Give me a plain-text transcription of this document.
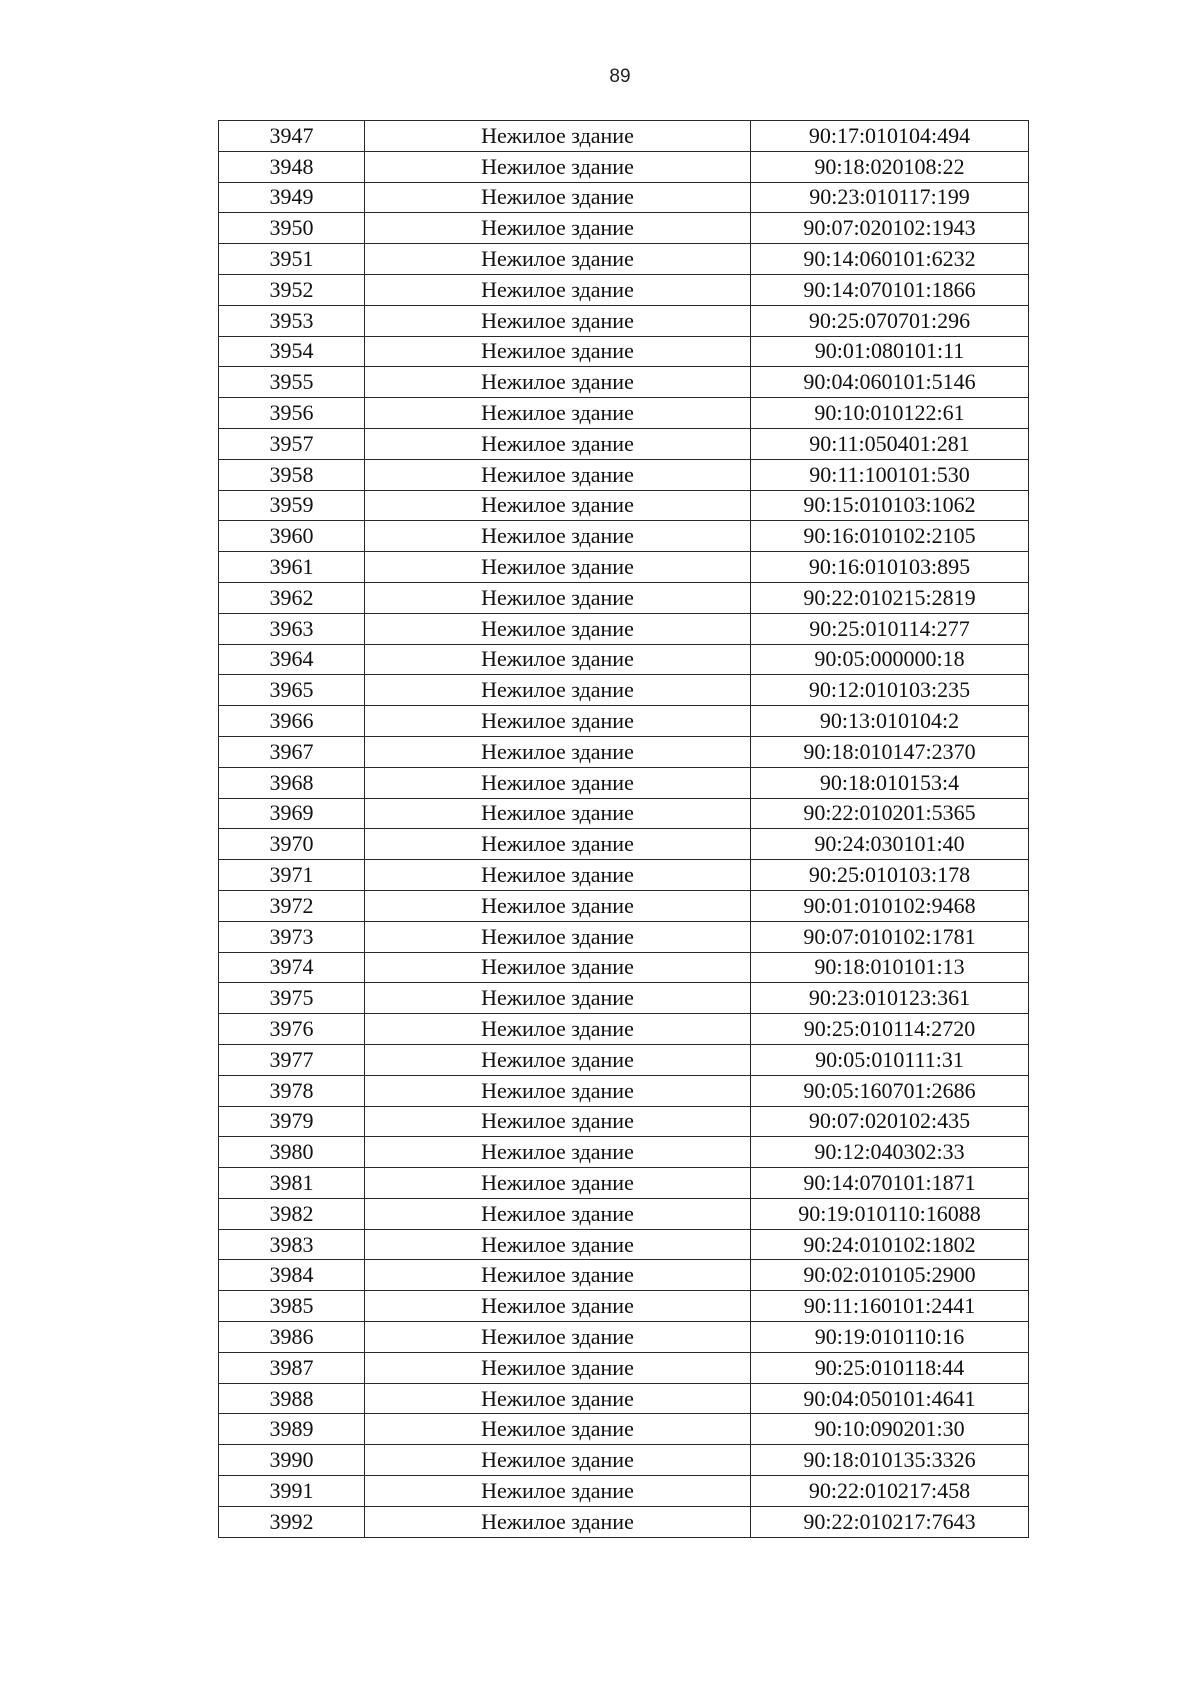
89
3947	Нежилое здание	90:17:010104:494
3948	Нежилое здание	90:18:020108:22
3949	Нежилое здание	90:23:010117:199
3950	Нежилое здание	90:07:020102:1943
3951	Нежилое здание	90:14:060101:6232
3952	Нежилое здание	90:14:070101:1866
3953	Нежилое здание	90:25:070701:296
3954	Нежилое здание	90:01:080101:11
3955	Нежилое здание	90:04:060101:5146
3956	Нежилое здание	90:10:010122:61
3957	Нежилое здание	90:11:050401:281
3958	Нежилое здание	90:11:100101:530
3959	Нежилое здание	90:15:010103:1062
3960	Нежилое здание	90:16:010102:2105
3961	Нежилое здание	90:16:010103:895
3962	Нежилое здание	90:22:010215:2819
3963	Нежилое здание	90:25:010114:277
3964	Нежилое здание	90:05:000000:18
3965	Нежилое здание	90:12:010103:235
3966	Нежилое здание	90:13:010104:2
3967	Нежилое здание	90:18:010147:2370
3968	Нежилое здание	90:18:010153:4
3969	Нежилое здание	90:22:010201:5365
3970	Нежилое здание	90:24:030101:40
3971	Нежилое здание	90:25:010103:178
3972	Нежилое здание	90:01:010102:9468
3973	Нежилое здание	90:07:010102:1781
3974	Нежилое здание	90:18:010101:13
3975	Нежилое здание	90:23:010123:361
3976	Нежилое здание	90:25:010114:2720
3977	Нежилое здание	90:05:010111:31
3978	Нежилое здание	90:05:160701:2686
3979	Нежилое здание	90:07:020102:435
3980	Нежилое здание	90:12:040302:33
3981	Нежилое здание	90:14:070101:1871
3982	Нежилое здание	90:19:010110:16088
3983	Нежилое здание	90:24:010102:1802
3984	Нежилое здание	90:02:010105:2900
3985	Нежилое здание	90:11:160101:2441
3986	Нежилое здание	90:19:010110:16
3987	Нежилое здание	90:25:010118:44
3988	Нежилое здание	90:04:050101:4641
3989	Нежилое здание	90:10:090201:30
3990	Нежилое здание	90:18:010135:3326
3991	Нежилое здание	90:22:010217:458
3992	Нежилое здание	90:22:010217:7643
